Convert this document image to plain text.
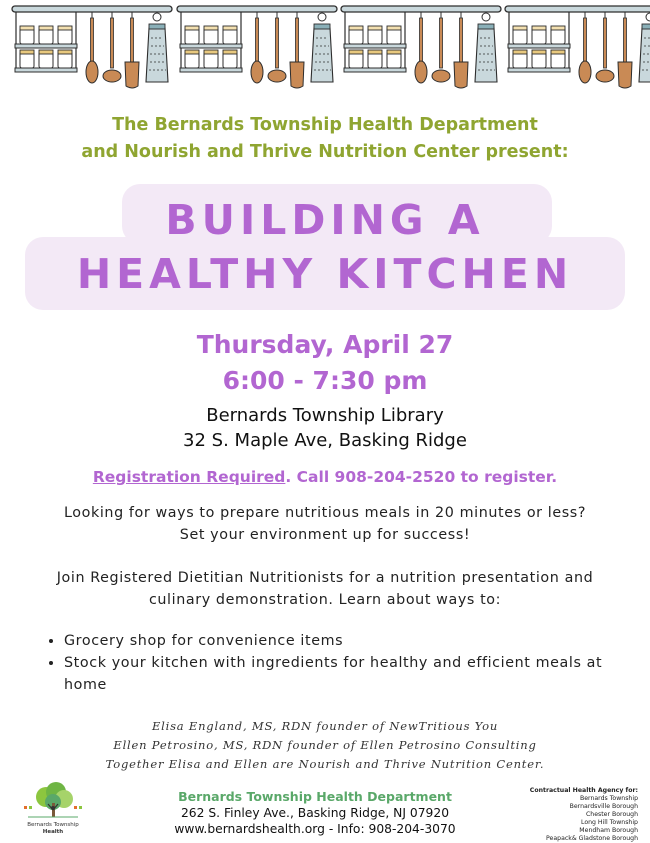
The Bernards Township Health Department
and Nourish and Thrive Nutrition Center present:
BUILDING A
HEALTHY KITCHEN
Thursday, April 27
6:00 - 7:30 pm
Bernards Township Library
32 S. Maple Ave, Basking Ridge
Registration Required. Call 908-204-2520 to register.
Looking for ways to prepare nutritious meals in 20 minutes or less?
Set your environment up for success!
Join Registered Dietitian Nutritionists for a nutrition presentation and
culinary demonstration. Learn about ways to:
• Grocery shop for convenience items
• Stock your kitchen with ingredients for healthy and efficient meals at home
Elisa England, MS, RDN founder of NewTritious You
Ellen Petrosino, MS, RDN founder of Ellen Petrosino Consulting
Together Elisa and Ellen are Nourish and Thrive Nutrition Center.
Bernards Township
Health
Bernards Township Health Department
262 S. Finley Ave., Basking Ridge, NJ 07920
www.bernardshealth.org - Info: 908-204-3070
Contractual Health Agency for:
Bernards Township
Bernardsville Borough
Chester Borough
Long Hill Township
Mendham Borough
Peapack& Gladstone Borough
